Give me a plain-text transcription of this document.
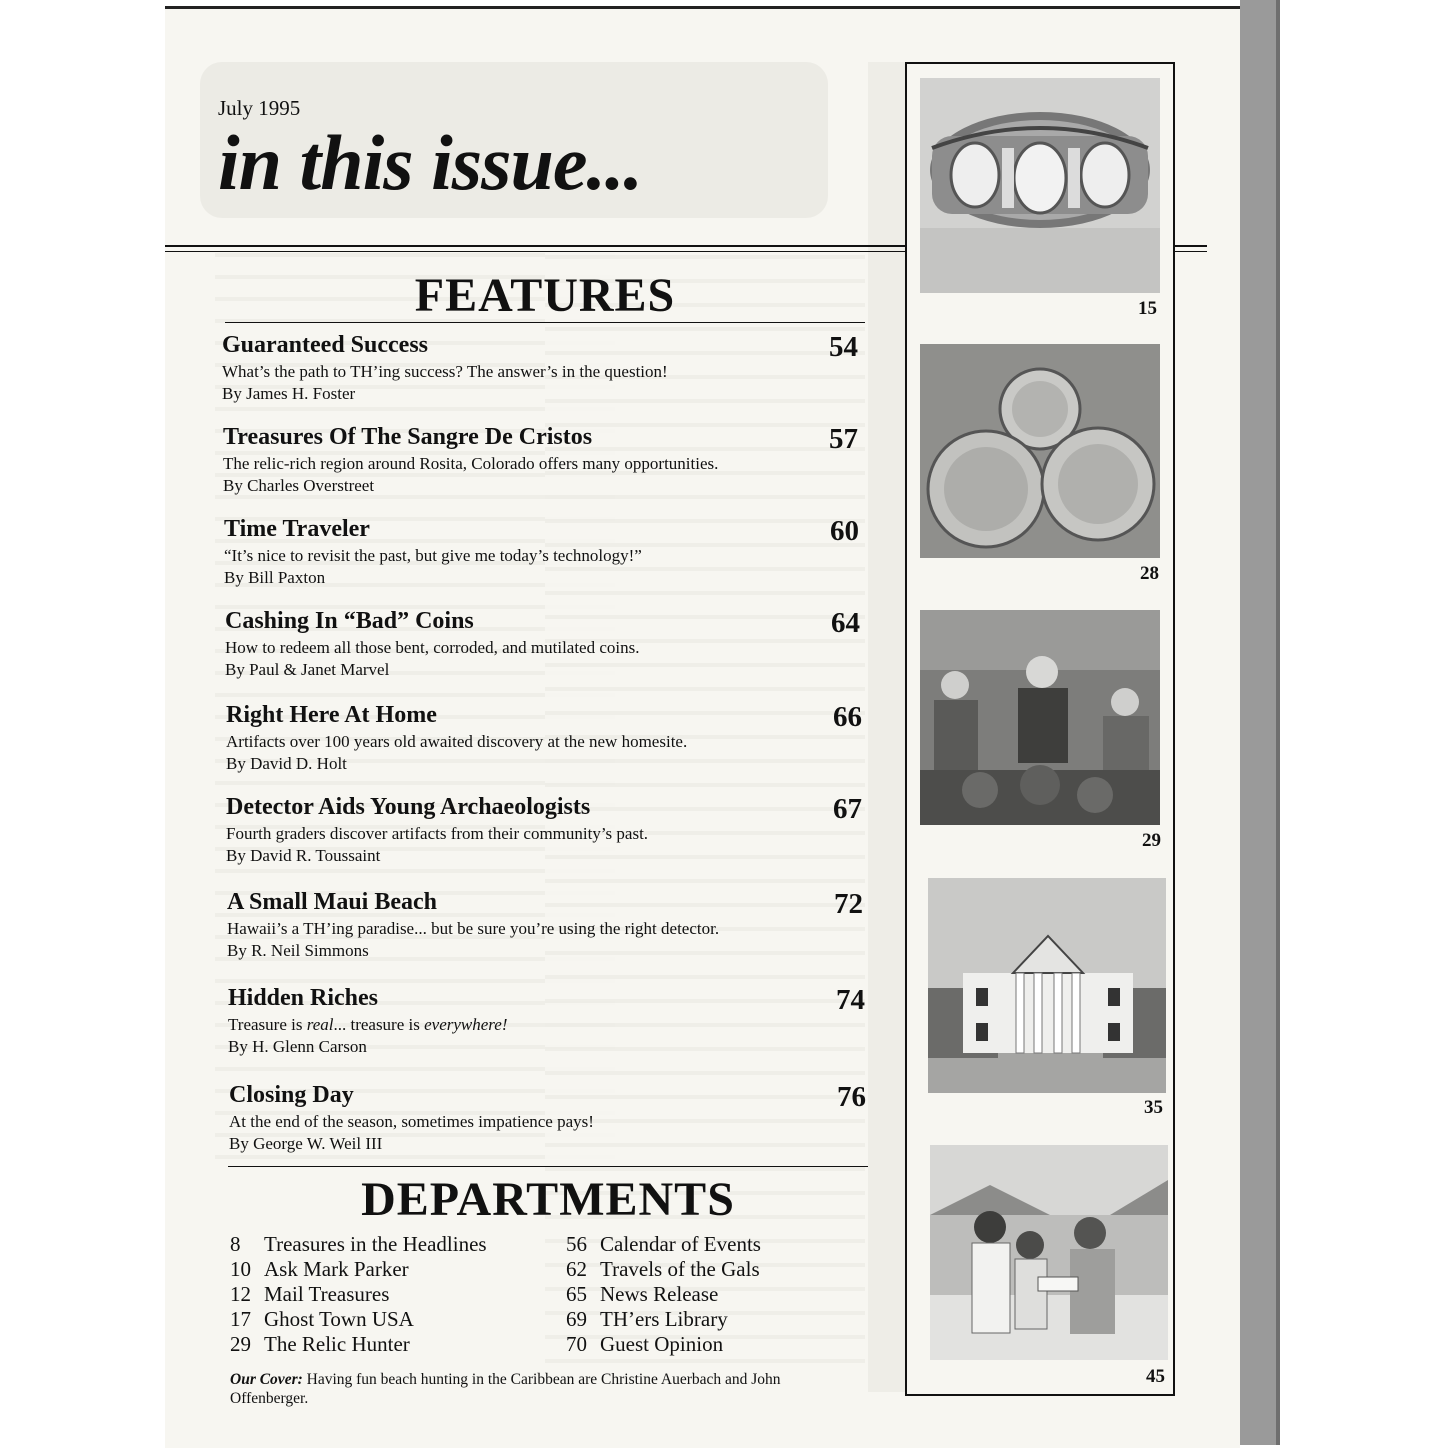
July 1995
in this issue...
FEATURES
Guaranteed Success	54
What’s the path to TH’ing success? The answer’s in the question!
By James H. Foster
Treasures Of The Sangre De Cristos	57
The relic-rich region around Rosita, Colorado offers many opportunities.
By Charles Overstreet
Time Traveler	60
“It’s nice to revisit the past, but give me today’s technology!”
By Bill Paxton
Cashing In “Bad” Coins	64
How to redeem all those bent, corroded, and mutilated coins.
By Paul & Janet Marvel
Right Here At Home	66
Artifacts over 100 years old awaited discovery at the new homesite.
By David D. Holt
Detector Aids Young Archaeologists	67
Fourth graders discover artifacts from their community’s past.
By David R. Toussaint
A Small Maui Beach	72
Hawaii’s a TH’ing paradise... but be sure you’re using the right detector.
By R. Neil Simmons
Hidden Riches	74
Treasure is real... treasure is everywhere!
By H. Glenn Carson
Closing Day	76
At the end of the season, sometimes impatience pays!
By George W. Weil III
DEPARTMENTS
8 Treasures in the Headlines
10 Ask Mark Parker
12 Mail Treasures
17 Ghost Town USA
29 The Relic Hunter
56 Calendar of Events
62 Travels of the Gals
65 News Release
69 TH’ers Library
70 Guest Opinion
Our Cover: Having fun beach hunting in the Caribbean are Christine Auerbach and John Offenberger.
15
28
29
35
45
